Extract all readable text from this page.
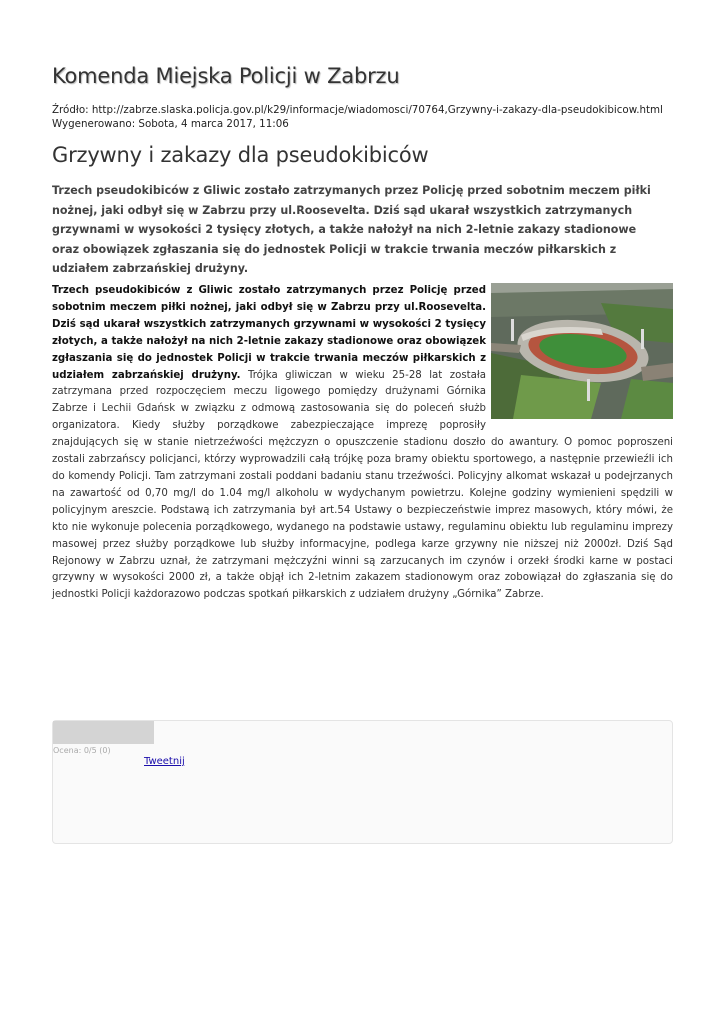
Komenda Miejska Policji w Zabrzu
Źródło: http://zabrze.slaska.policja.gov.pl/k29/informacje/wiadomosci/70764,Grzywny-i-zakazy-dla-pseudokibicow.html
Wygenerowano: Sobota, 4 marca 2017, 11:06
Grzywny i zakazy dla pseudokibiców
Trzech pseudokibiców z Gliwic zostało zatrzymanych przez Policję przed sobotnim meczem piłki nożnej, jaki odbył się w Zabrzu przy ul.Roosevelta. Dziś sąd ukarał wszystkich zatrzymanych grzywnami w wysokości 2 tysięcy złotych, a także nałożył na nich 2-letnie zakazy stadionowe oraz obowiązek zgłaszania się do jednostek Policji w trakcie trwania meczów piłkarskich z udziałem zabrzańskiej drużyny.
Trzech pseudokibiców z Gliwic zostało zatrzymanych przez Policję przed sobotnim meczem piłki nożnej, jaki odbył się w Zabrzu przy ul.Roosevelta. Dziś sąd ukarał wszystkich zatrzymanych grzywnami w wysokości 2 tysięcy złotych, a także nałożył na nich 2-letnie zakazy stadionowe oraz obowiązek zgłaszania się do jednostek Policji w trakcie trwania meczów piłkarskich z udziałem zabrzańskiej drużyny. Trójka gliwiczan w wieku 25-28 lat została zatrzymana przed rozpoczęciem meczu ligowego pomiędzy drużynami Górnika Zabrze i Lechii Gdańsk w związku z odmową zastosowania się do poleceń służb organizatora. Kiedy służby porządkowe zabezpieczające imprezę poprosiły znajdujących się w stanie nietrzeźwości mężczyzn o opuszczenie stadionu doszło do awantury. O pomoc poproszeni zostali zabrzańscy policjanci, którzy wyprowadzili całą trójkę poza bramy obiektu sportowego, a następnie przewieźli ich do komendy Policji. Tam zatrzymani zostali poddani badaniu stanu trzeźwości. Policyjny alkomat wskazał u podejrzanych na zawartość od 0,70 mg/l do 1.04 mg/l alkoholu w wydychanym powietrzu. Kolejne godziny wymienieni spędzili w policyjnym areszcie. Podstawą ich zatrzymania był art.54 Ustawy o bezpieczeństwie imprez masowych, który mówi, że kto nie wykonuje polecenia porządkowego, wydanego na podstawie ustawy, regulaminu obiektu lub regulaminu imprezy masowej przez służby porządkowe lub służby informacyjne, podlega karze grzywny nie niższej niż 2000zł. Dziś Sąd Rejonowy w Zabrzu uznał, że zatrzymani mężczyźni winni są zarzucanych im czynów i orzekł środki karne w postaci grzywny w wysokości 2000 zł, a także objął ich 2-letnim zakazem stadionowym oraz zobowiązał do zgłaszania się do jednostki Policji każdorazowo podczas spotkań piłkarskich z udziałem drużyny „Górnika” Zabrze.
Ocena: 0/5 (0)
Tweetnij
